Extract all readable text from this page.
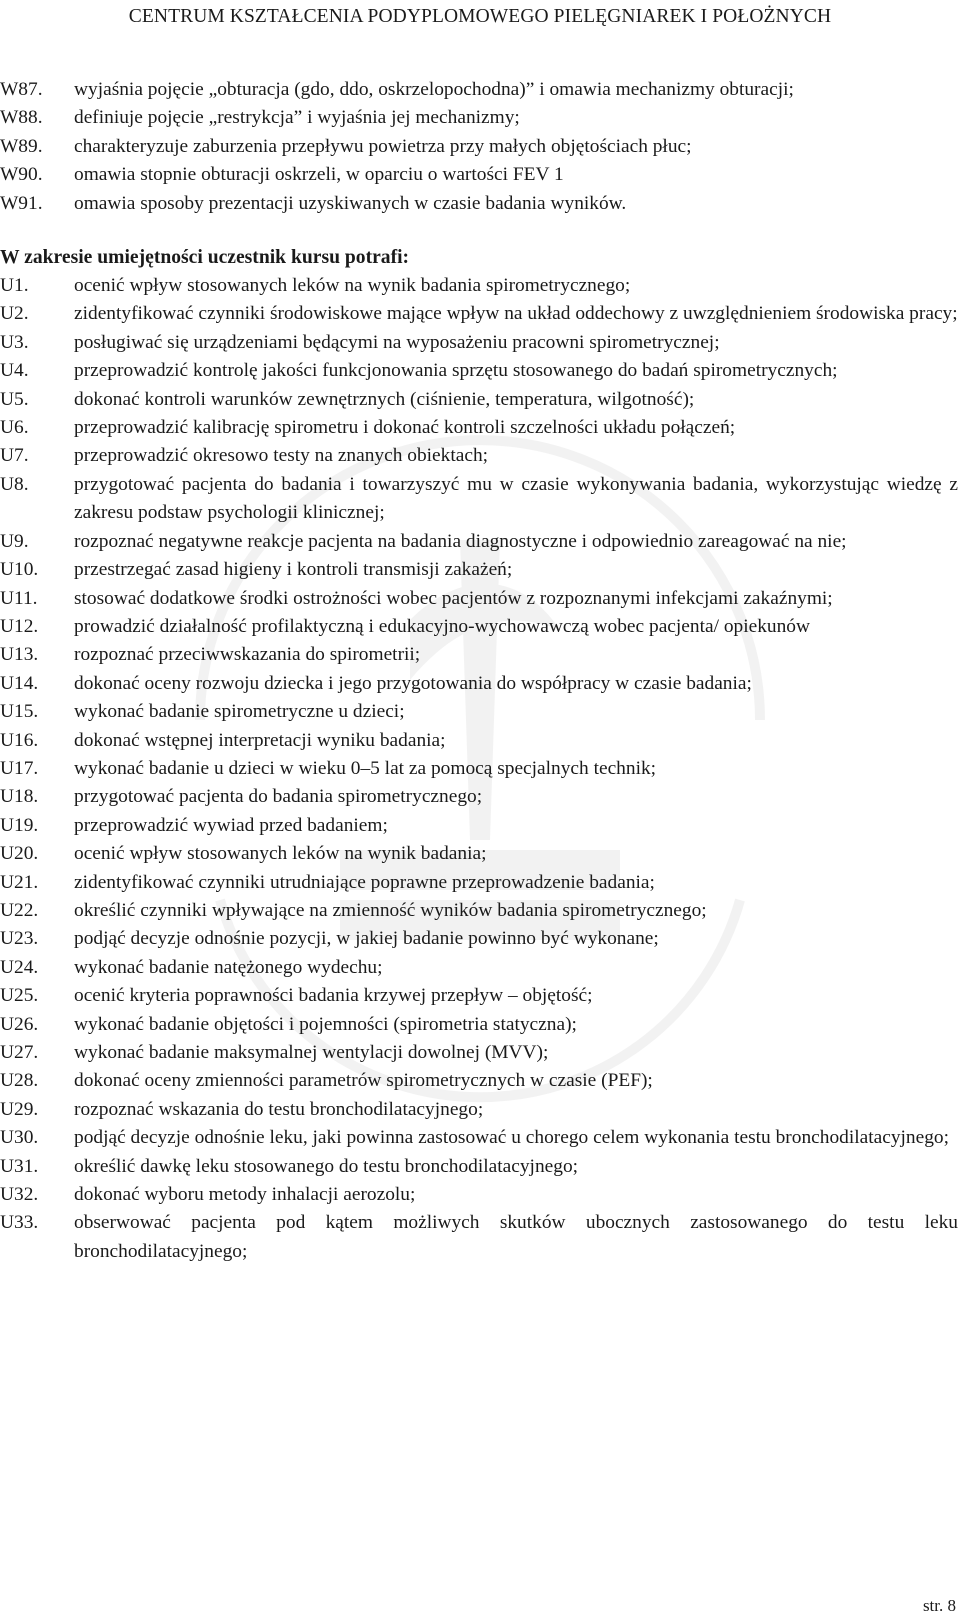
CENTRUM KSZTAŁCENIA PODYPLOMOWEGO PIELĘGNIAREK I POŁOŻNYCH
W87.	wyjaśnia pojęcie „obturacja (gdo, ddo, oskrzelopochodna)” i omawia mechanizmy obturacji;
W88.	definiuje pojęcie „restrykcja” i wyjaśnia jej mechanizmy;
W89.	charakteryzuje zaburzenia przepływu powietrza przy małych objętościach płuc;
W90.	omawia stopnie obturacji oskrzeli, w oparciu o wartości FEV 1
W91.	omawia sposoby prezentacji uzyskiwanych w czasie badania wyników.
W zakresie umiejętności uczestnik kursu potrafi:
U1.	ocenić wpływ stosowanych leków na wynik badania spirometrycznego;
U2.	zidentyfikować czynniki środowiskowe mające wpływ na układ oddechowy z uwzględnieniem środowiska pracy;
U3.	posługiwać się urządzeniami będącymi na wyposażeniu pracowni spirometrycznej;
U4.	przeprowadzić kontrolę jakości funkcjonowania sprzętu stosowanego do badań spirometrycznych;
U5.	dokonać kontroli warunków zewnętrznych (ciśnienie, temperatura, wilgotność);
U6.	przeprowadzić kalibrację spirometru i dokonać kontroli szczelności układu połączeń;
U7.	przeprowadzić okresowo testy na znanych obiektach;
U8.	przygotować pacjenta do badania i towarzyszyć mu w czasie wykonywania badania, wykorzystując wiedzę z zakresu podstaw psychologii klinicznej;
U9.	rozpoznać negatywne reakcje pacjenta na badania diagnostyczne i odpowiednio zareagować na nie;
U10.	przestrzegać zasad higieny i kontroli transmisji zakażeń;
U11.	stosować dodatkowe środki ostrożności wobec pacjentów z rozpoznanymi infekcjami zakaźnymi;
U12.	prowadzić działalność profilaktyczną i edukacyjno-wychowawczą wobec pacjenta/ opiekunów
U13.	rozpoznać przeciwwskazania do spirometrii;
U14.	dokonać oceny rozwoju dziecka i jego przygotowania do współpracy w czasie badania;
U15.	wykonać badanie spirometryczne u dzieci;
U16.	dokonać wstępnej interpretacji wyniku badania;
U17.	wykonać badanie u dzieci w wieku 0–5 lat za pomocą specjalnych technik;
U18.	przygotować pacjenta do badania spirometrycznego;
U19.	przeprowadzić wywiad przed badaniem;
U20.	ocenić wpływ stosowanych leków na wynik badania;
U21.	zidentyfikować czynniki utrudniające poprawne przeprowadzenie badania;
U22.	określić czynniki wpływające na zmienność wyników badania spirometrycznego;
U23.	podjąć decyzje odnośnie pozycji, w jakiej badanie powinno być wykonane;
U24.	wykonać badanie natężonego wydechu;
U25.	ocenić kryteria poprawności badania krzywej przepływ – objętość;
U26.	wykonać badanie objętości i pojemności (spirometria statyczna);
U27.	wykonać badanie maksymalnej wentylacji dowolnej (MVV);
U28.	dokonać oceny zmienności parametrów spirometrycznych w czasie (PEF);
U29.	rozpoznać wskazania do testu bronchodilatacyjnego;
U30.	podjąć decyzje odnośnie leku, jaki powinna zastosować u chorego celem wykonania testu bronchodilatacyjnego;
U31.	określić dawkę leku stosowanego do testu bronchodilatacyjnego;
U32.	dokonać wyboru metody inhalacji aerozolu;
U33.	obserwować pacjenta pod kątem możliwych skutków ubocznych zastosowanego do testu leku bronchodilatacyjnego;
str. 8
